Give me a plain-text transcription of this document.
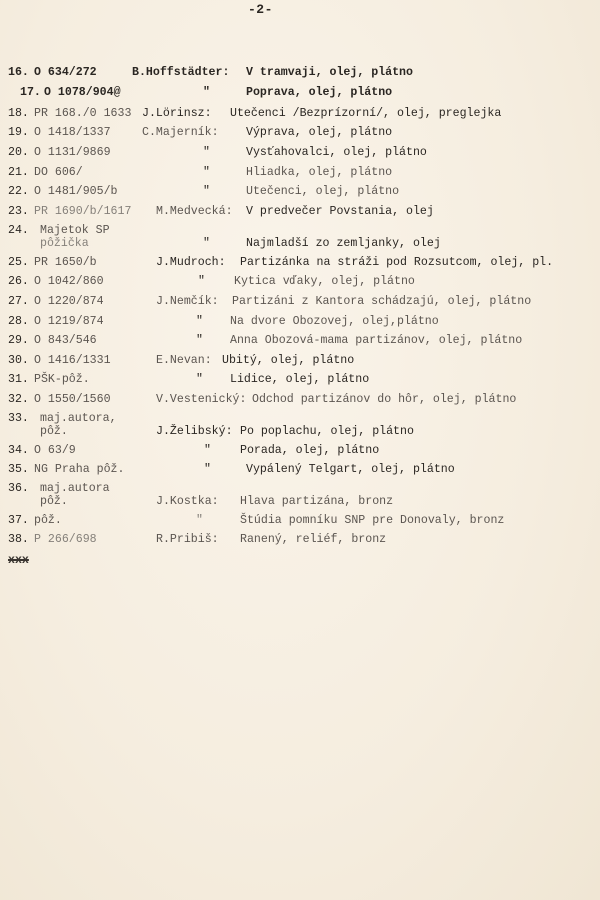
-2-
16. O 634/272	B.Hoffstädter: V tramvaji, olej, plátno
17. O 1078/904@	"	Poprava, olej, plátno
18. PR 168./0 1633 J.Lörinsz: Utečenci /Bezprízorní/, olej, preglejka
19. O 1418/1337	C.Majerník: Výprava, olej, plátno
20. O 1131/9869	"	Vysťahovalci, olej, plátno
21. DO 606/	"	Hliadka, olej, plátno
22. O 1481/905/b	"	Utečenci, olej, plátno
23. PR 1690/b/1617 M.Medvecká: V predvečer Povstania, olej
24. Majetok SP
pôžička	"	Najmladší zo zemljanky, olej
25. PR 1650/b	J.Mudroch: Partizánka na stráži pod Rozsutcom, olej, pl.
26. O 1042/860	"	Kytica vďaky, olej, plátno
27. O 1220/874	J.Nemčík: Partizáni z Kantora schádzajú, olej, plátno
28. O 1219/874	" Na dvore Obozovej, olej,plátno
29. O 843/546	" Anna Obozová-mama partizánov, olej, plátno
30. O 1416/1331	E.Nevan: Ubitý, olej, plátno
31. PŠK-pôž.	" Lidice, olej, plátno
32. O 1550/1560	V.Vestenický: Odchod partizánov do hôr, olej, plátno
33. maj.autora,
pôž.	J.Želibský: Po poplachu, olej, plátno
34. O 63/9	"	Porada, olej, plátno
35. NG Praha pôž.	"	Vypálený Telgart, olej, plátno
36. maj.autora
pôž.	J.Kostka: Hlava partizána, bronz
37. pôž.	"	Štúdia pomníku SNP pre Donovaly, bronz
38. P 266/698	R.Pribiš: Ranený, reliéf, bronz
xxx
